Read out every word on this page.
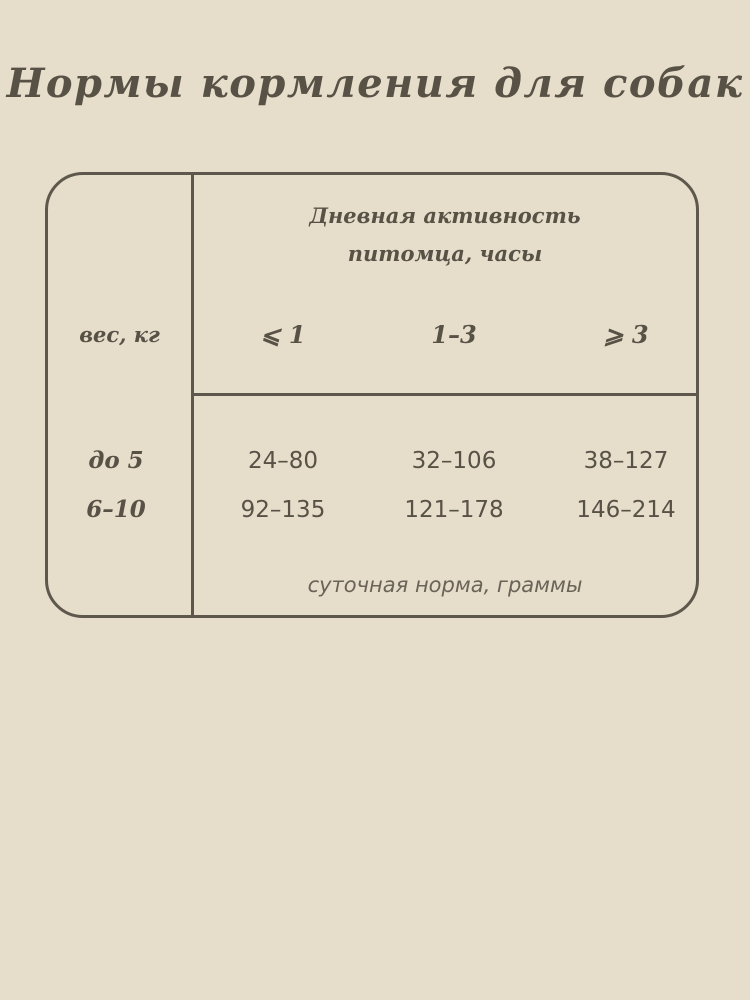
Нормы кормления для собак
Дневная активность
питомца, часы
вес, кг	⩽ 1	1–3	⩾ 3
до 5	24–80	32–106	38–127
6–10	92–135	121–178	146–214
суточная норма, граммы
